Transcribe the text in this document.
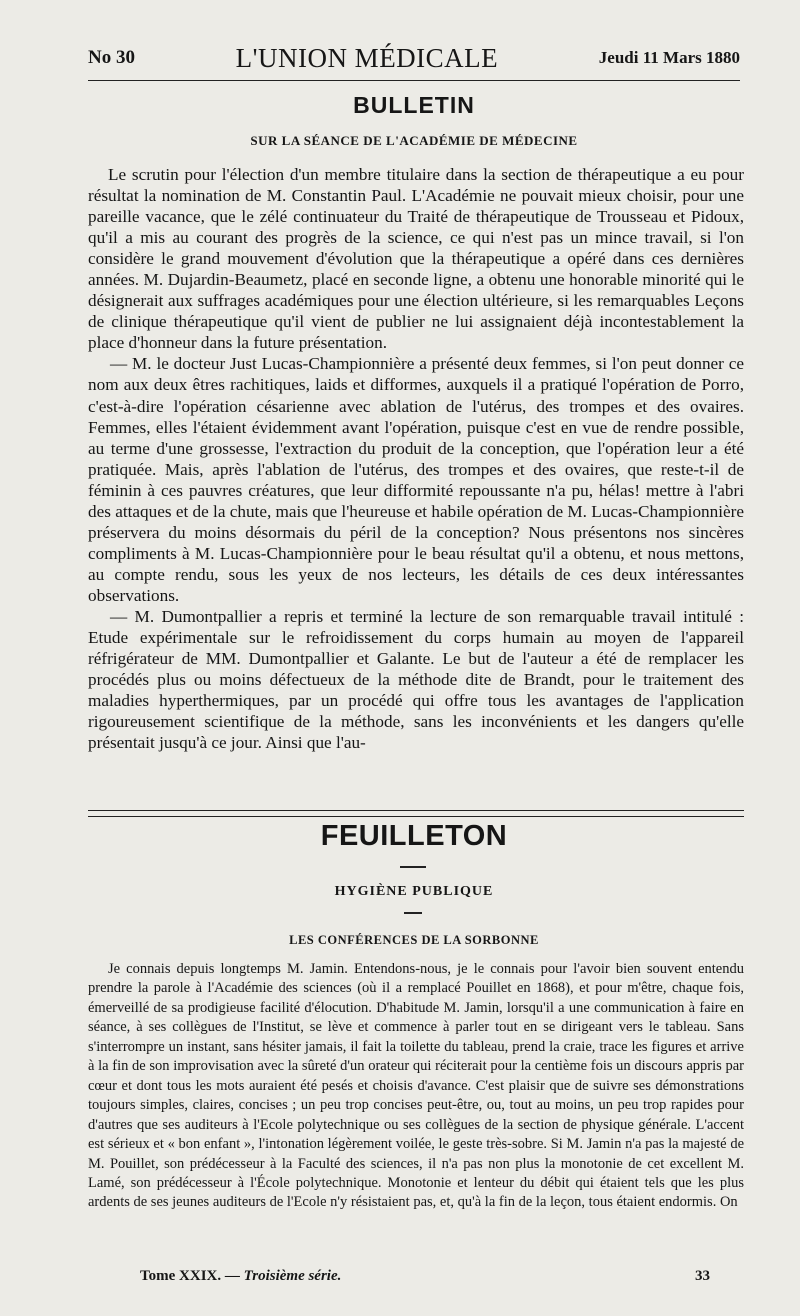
No 30	L'UNION MÉDICALE	Jeudi 11 Mars 1880
BULLETIN
SUR LA SÉANCE DE L'ACADÉMIE DE MÉDECINE

Le scrutin pour l'élection d'un membre titulaire dans la section de thérapeutique a eu pour résultat la nomination de M. Constantin Paul. L'Académie ne pouvait mieux choisir, pour une pareille vacance, que le zélé continuateur du Traité de thérapeutique de Trousseau et Pidoux, qu'il a mis au courant des progrès de la science, ce qui n'est pas un mince travail, si l'on considère le grand mouvement d'évolution que la thérapeutique a opéré dans ces dernières années. M. Dujardin-Beaumetz, placé en seconde ligne, a obtenu une honorable minorité qui le désignerait aux suffrages académiques pour une élection ultérieure, si les remarquables Leçons de clinique thérapeutique qu'il vient de publier ne lui assignaient déjà incontestablement la place d'honneur dans la future présentation.

— M. le docteur Just Lucas-Championnière a présenté deux femmes, si l'on peut donner ce nom aux deux êtres rachitiques, laids et difformes, auxquels il a pratiqué l'opération de Porro, c'est-à-dire l'opération césarienne avec ablation de l'utérus, des trompes et des ovaires. Femmes, elles l'étaient évidemment avant l'opération, puisque c'est en vue de rendre possible, au terme d'une grossesse, l'extraction du produit de la conception, que l'opération leur a été pratiquée. Mais, après l'ablation de l'utérus, des trompes et des ovaires, que reste-t-il de féminin à ces pauvres créatures, que leur difformité repoussante n'a pu, hélas! mettre à l'abri des attaques et de la chute, mais que l'heureuse et habile opération de M. Lucas-Championnière préservera du moins désormais du péril de la conception? Nous présentons nos sincères compliments à M. Lucas-Championnière pour le beau résultat qu'il a obtenu, et nous mettons, au compte rendu, sous les yeux de nos lecteurs, les détails de ces deux intéressantes observations.

— M. Dumontpallier a repris et terminé la lecture de son remarquable travail intitulé : Etude expérimentale sur le refroidissement du corps humain au moyen de l'appareil réfrigérateur de MM. Dumontpallier et Galante. Le but de l'auteur a été de remplacer les procédés plus ou moins défectueux de la méthode dite de Brandt, pour le traitement des maladies hyperthermiques, par un procédé qui offre tous les avantages de l'application rigoureusement scientifique de la méthode, sans les inconvénients et les dangers qu'elle présentait jusqu'à ce jour. Ainsi que l'au-

FEUILLETON
HYGIÈNE PUBLIQUE
LES CONFÉRENCES DE LA SORBONNE

Je connais depuis longtemps M. Jamin. Entendons-nous, je le connais pour l'avoir bien souvent entendu prendre la parole à l'Académie des sciences (où il a remplacé Pouillet en 1868), et pour m'être, chaque fois, émerveillé de sa prodigieuse facilité d'élocution. D'habitude M. Jamin, lorsqu'il a une communication à faire en séance, à ses collègues de l'Institut, se lève et commence à parler tout en se dirigeant vers le tableau. Sans s'interrompre un instant, sans hésiter jamais, il fait la toilette du tableau, prend la craie, trace les figures et arrive à la fin de son improvisation avec la sûreté d'un orateur qui réciterait pour la centième fois un discours appris par cœur et dont tous les mots auraient été pesés et choisis d'avance. C'est plaisir que de suivre ses démonstrations toujours simples, claires, concises ; un peu trop concises peut-être, ou, tout au moins, un peu trop rapides pour d'autres que ses auditeurs à l'Ecole polytechnique ou ses collègues de la section de physique générale. L'accent est sérieux et « bon enfant », l'intonation légèrement voilée, le geste très-sobre. Si M. Jamin n'a pas la majesté de M. Pouillet, son prédécesseur à la Faculté des sciences, il n'a pas non plus la monotonie de cet excellent M. Lamé, son prédécesseur à l'École polytechnique. Monotonie et lenteur du débit qui étaient tels que les plus ardents de ses jeunes auditeurs de l'Ecole n'y résistaient pas, et, qu'à la fin de la leçon, tous étaient endormis. On

Tome XXIX. — Troisième série.	33
